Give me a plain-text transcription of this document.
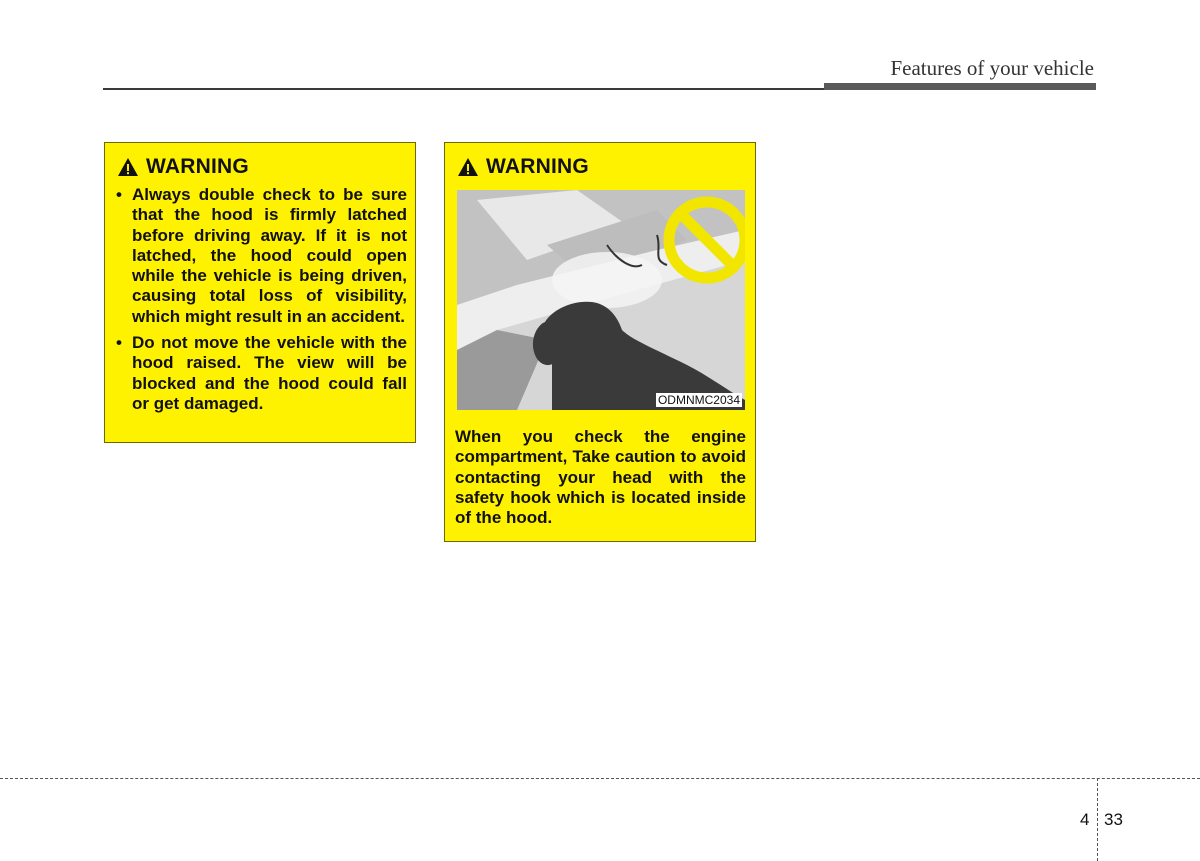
Features of your vehicle
WARNING
• Always double check to be sure that the hood is firmly latched before driving away. If it is not latched, the hood could open while the vehicle is being driven, causing total loss of visibility, which might result in an accident.
• Do not move the vehicle with the hood raised. The view will be blocked and the hood could fall or get damaged.
WARNING
ODMNMC2034

When you check the engine compartment, Take caution to avoid contacting your head with the safety hook which is located inside of the hood.

4 33
